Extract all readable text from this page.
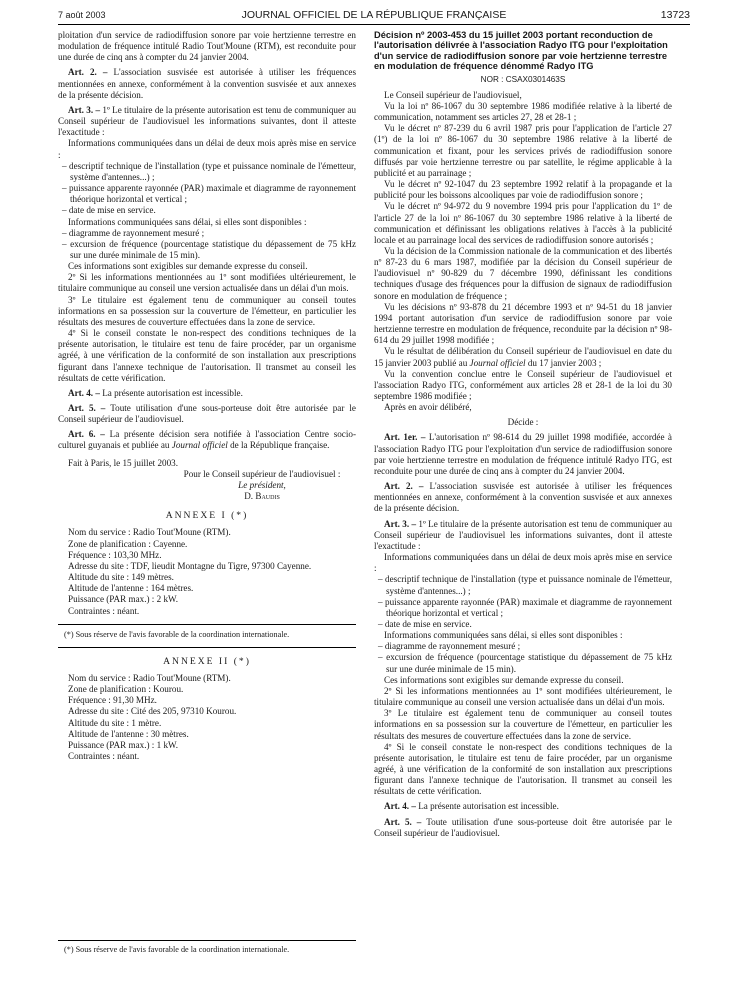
7 août 2003	JOURNAL OFFICIEL DE LA RÉPUBLIQUE FRANÇAISE	13723

ploitation d'un service de radiodiffusion sonore par voie hertzienne terrestre en modulation de fréquence intitulé Radio Tout'Moune (RTM), est reconduite pour une durée de cinq ans à compter du 24 janvier 2004.

Art. 2. – L'association susvisée est autorisée à utiliser les fréquences mentionnées en annexe, conformément à la convention susvisée et aux annexes de la présente décision.

Art. 3. – 1º Le titulaire de la présente autorisation est tenu de communiquer au Conseil supérieur de l'audiovisuel les informations suivantes, dont il atteste l'exactitude :

Informations communiquées dans un délai de deux mois après mise en service :

– descriptif technique de l'installation (type et puissance nominale de l'émetteur, système d'antennes...) ;

– puissance apparente rayonnée (PAR) maximale et diagramme de rayonnement théorique horizontal et vertical ;

– date de mise en service.

Informations communiquées sans délai, si elles sont disponibles :

– diagramme de rayonnement mesuré ;

– excursion de fréquence (pourcentage statistique du dépassement de 75 kHz sur une durée minimale de 15 min).

Ces informations sont exigibles sur demande expresse du conseil.

2º Si les informations mentionnées au 1º sont modifiées ultérieurement, le titulaire communique au conseil une version actualisée dans un délai d'un mois.

3º Le titulaire est également tenu de communiquer au conseil toutes informations en sa possession sur la couverture de l'émetteur, en particulier les résultats des mesures de couverture effectuées dans la zone de service.

4º Si le conseil constate le non-respect des conditions techniques de la présente autorisation, le titulaire est tenu de faire procéder, par un organisme agréé, à une vérification de la conformité de son installation aux prescriptions figurant dans l'annexe technique de l'autorisation. Il transmet au conseil les résultats de cette vérification.

Art. 4. – La présente autorisation est incessible.

Art. 5. – Toute utilisation d'une sous-porteuse doit être autorisée par le Conseil supérieur de l'audiovisuel.

Art. 6. – La présente décision sera notifiée à l'association Centre socio-culturel guyanais et publiée au Journal officiel de la République française.

Fait à Paris, le 15 juillet 2003.

Pour le Conseil supérieur de l'audiovisuel :

Le président,

D. Baudis

ANNEXE I (*)

Nom du service : Radio Tout'Moune (RTM).

Zone de planification : Cayenne.

Fréquence : 103,30 MHz.

Adresse du site : TDF, lieudit Montagne du Tigre, 97300 Cayenne.

Altitude du site : 149 mètres.

Altitude de l'antenne : 164 mètres.

Puissance (PAR max.) : 2 kW.

Contraintes : néant.

(*) Sous réserve de l'avis favorable de la coordination internationale.

ANNEXE II (*)

Nom du service : Radio Tout'Moune (RTM).

Zone de planification : Kourou.

Fréquence : 91,30 MHz.

Adresse du site : Cité des 205, 97310 Kourou.

Altitude du site : 1 mètre.

Altitude de l'antenne : 30 mètres.

Puissance (PAR max.) : 1 kW.

Contraintes : néant.

(*) Sous réserve de l'avis favorable de la coordination internationale.

Décision nº 2003-453 du 15 juillet 2003 portant reconduction de l'autorisation délivrée à l'association Radyo ITG pour l'exploitation d'un service de radiodiffusion sonore par voie hertzienne terrestre en modulation de fréquence dénommé Radyo ITG

NOR : CSAX0301463S

Le Conseil supérieur de l'audiovisuel,

Vu la loi nº 86-1067 du 30 septembre 1986 modifiée relative à la liberté de communication, notamment ses articles 27, 28 et 28-1 ;

Vu le décret nº 87-239 du 6 avril 1987 pris pour l'application de l'article 27 (1º) de la loi nº 86-1067 du 30 septembre 1986 relative à la liberté de communication et fixant, pour les services privés de radiodiffusion sonore diffusés par voie hertzienne terrestre ou par satellite, le régime applicable à la publicité et au parrainage ;

Vu le décret nº 92-1047 du 23 septembre 1992 relatif à la propagande et la publicité pour les boissons alcooliques par voie de radiodiffusion sonore ;

Vu le décret nº 94-972 du 9 novembre 1994 pris pour l'application du 1º de l'article 27 de la loi nº 86-1067 du 30 septembre 1986 relative à la liberté de communication et définissant les obligations relatives à l'accès à la publicité locale et au parrainage local des services de radiodiffusion sonore autorisés ;

Vu la décision de la Commission nationale de la communication et des libertés nº 87-23 du 6 mars 1987, modifiée par la décision du Conseil supérieur de l'audiovisuel nº 90-829 du 7 décembre 1990, définissant les conditions techniques d'usage des fréquences pour la diffusion de signaux de radiodiffusion sonore en modulation de fréquence ;

Vu les décisions nº 93-878 du 21 décembre 1993 et nº 94-51 du 18 janvier 1994 portant autorisation d'un service de radiodiffusion sonore par voie hertzienne terrestre en modulation de fréquence, reconduite par la décision nº 98-614 du 29 juillet 1998 modifiée ;

Vu le résultat de délibération du Conseil supérieur de l'audiovisuel en date du 15 janvier 2003 publié au Journal officiel du 17 janvier 2003 ;

Vu la convention conclue entre le Conseil supérieur de l'audiovisuel et l'association Radyo ITG, conformément aux articles 28 et 28-1 de la loi du 30 septembre 1986 modifiée ;

Après en avoir délibéré,

Décide :

Art. 1er. – L'autorisation nº 98-614 du 29 juillet 1998 modifiée, accordée à l'association Radyo ITG pour l'exploitation d'un service de radiodiffusion sonore par voie hertzienne terrestre en modulation de fréquence intitulé Radyo ITG, est reconduite pour une durée de cinq ans à compter du 24 janvier 2004.

Art. 2. – L'association susvisée est autorisée à utiliser les fréquences mentionnées en annexe, conformément à la convention susvisée et aux annexes de la présente décision.

Art. 3. – 1º Le titulaire de la présente autorisation est tenu de communiquer au Conseil supérieur de l'audiovisuel les informations suivantes, dont il atteste l'exactitude :

Informations communiquées dans un délai de deux mois après mise en service :

– descriptif technique de l'installation (type et puissance nominale de l'émetteur, système d'antennes...) ;

– puissance apparente rayonnée (PAR) maximale et diagramme de rayonnement théorique horizontal et vertical ;

– date de mise en service.

Informations communiquées sans délai, si elles sont disponibles :

– diagramme de rayonnement mesuré ;

– excursion de fréquence (pourcentage statistique du dépassement de 75 kHz sur une durée minimale de 15 min).

Ces informations sont exigibles sur demande expresse du conseil.

2º Si les informations mentionnées au 1º sont modifiées ultérieurement, le titulaire communique au conseil une version actualisée dans un délai d'un mois.

3º Le titulaire est également tenu de communiquer au conseil toutes informations en sa possession sur la couverture de l'émetteur, en particulier les résultats des mesures de couverture effectuées dans la zone de service.

4º Si le conseil constate le non-respect des conditions techniques de la présente autorisation, le titulaire est tenu de faire procéder, par un organisme agréé, à une vérification de la conformité de son installation aux prescriptions figurant dans l'annexe technique de l'autorisation. Il transmet au conseil les résultats de cette vérification.

Art. 4. – La présente autorisation est incessible.

Art. 5. – Toute utilisation d'une sous-porteuse doit être autorisée par le Conseil supérieur de l'audiovisuel.
